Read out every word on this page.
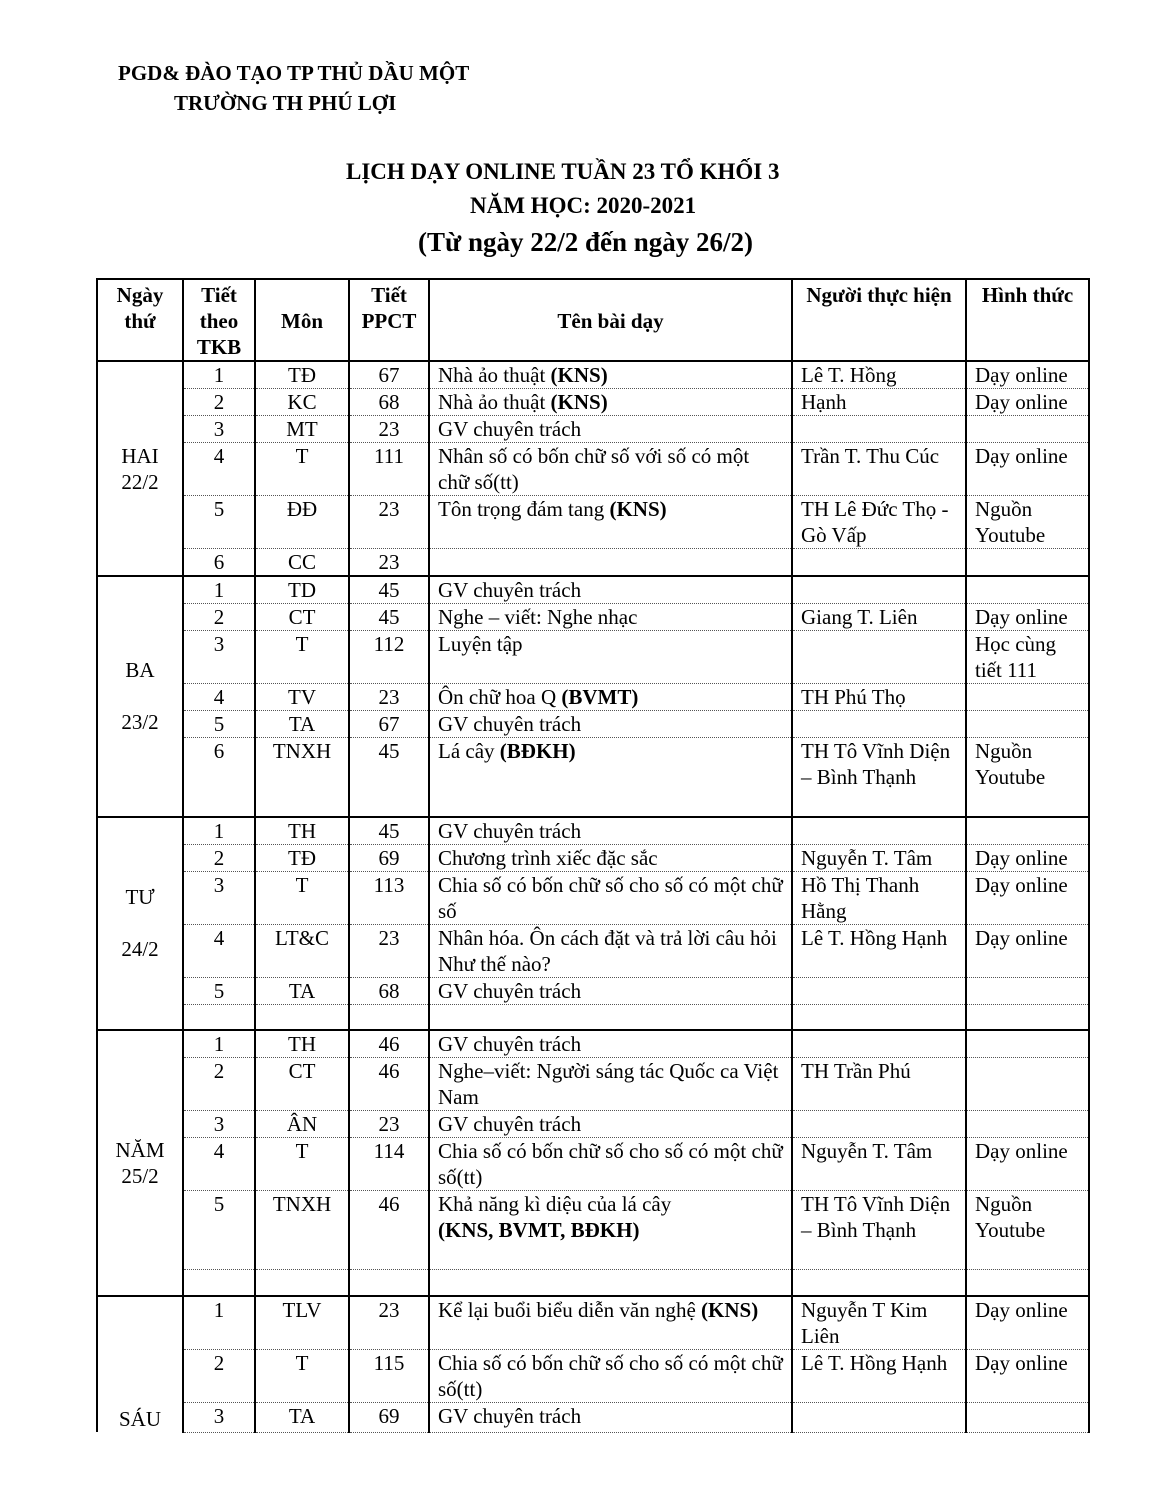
PGD& ĐÀO TẠO TP THỦ DẦU MỘT
TRƯỜNG TH PHÚ LỢI
LỊCH DẠY ONLINE TUẦN 23 TỔ KHỐI 3
NĂM HỌC: 2020-2021
(Từ ngày 22/2 đến ngày 26/2)
Ngày thứ	Tiết theo TKB	Môn	Tiết PPCT	Tên bài dạy	Người thực hiện	Hình thức

HAI
22/2	1	TĐ	67	Nhà ảo thuật (KNS)	Lê T. Hồng	Dạy online
	2	KC	68	Nhà ảo thuật (KNS)	Hạnh	Dạy online
	3	MT	23	GV chuyên trách		
	4	T	111	Nhân số có bốn chữ số với số có một chữ số(tt)	Trần T. Thu Cúc	Dạy online
	5	ĐĐ	23	Tôn trọng đám tang (KNS)	TH Lê Đức Thọ - Gò Vấp	Nguồn Youtube
	6	CC	23			

BA
23/2	1	TD	45	GV chuyên trách		
	2	CT	45	Nghe – viết: Nghe nhạc	Giang T. Liên	Dạy online
	3	T	112	Luyện tập		Học cùng tiết 111
	4	TV	23	Ôn chữ hoa Q (BVMT)	TH Phú Thọ	
	5	TA	67	GV chuyên trách		
	6	TNXH	45	Lá cây (BĐKH)	TH Tô Vĩnh Diện – Bình Thạnh	Nguồn Youtube

TƯ
24/2	1	TH	45	GV chuyên trách		
	2	TĐ	69	Chương trình xiếc đặc sắc	Nguyễn T. Tâm	Dạy online
	3	T	113	Chia số có bốn chữ số cho số có một chữ số	Hồ Thị Thanh Hằng	Dạy online
	4	LT&C	23	Nhân hóa. Ôn cách đặt và trả lời câu hỏi Như thế nào?	Lê T. Hồng Hạnh	Dạy online
	5	TA	68	GV chuyên trách		

NĂM
25/2	1	TH	46	GV chuyên trách		
	2	CT	46	Nghe–viết: Người sáng tác Quốc ca Việt Nam	TH Trần Phú	
	3	ÂN	23	GV chuyên trách		
	4	T	114	Chia số có bốn chữ số cho số có một chữ số(tt)	Nguyễn T. Tâm	Dạy online
	5	TNXH	46	Khả năng kì diệu của lá cây
(KNS, BVMT, BĐKH)	TH Tô Vĩnh Diện – Bình Thạnh	Nguồn Youtube

SÁU	1	TLV	23	Kể lại buổi biểu diễn văn nghệ (KNS)	Nguyễn T Kim Liên	Dạy online
	2	T	115	Chia số có bốn chữ số cho số có một chữ số(tt)	Lê T. Hồng Hạnh	Dạy online
	3	TA	69	GV chuyên trách		
